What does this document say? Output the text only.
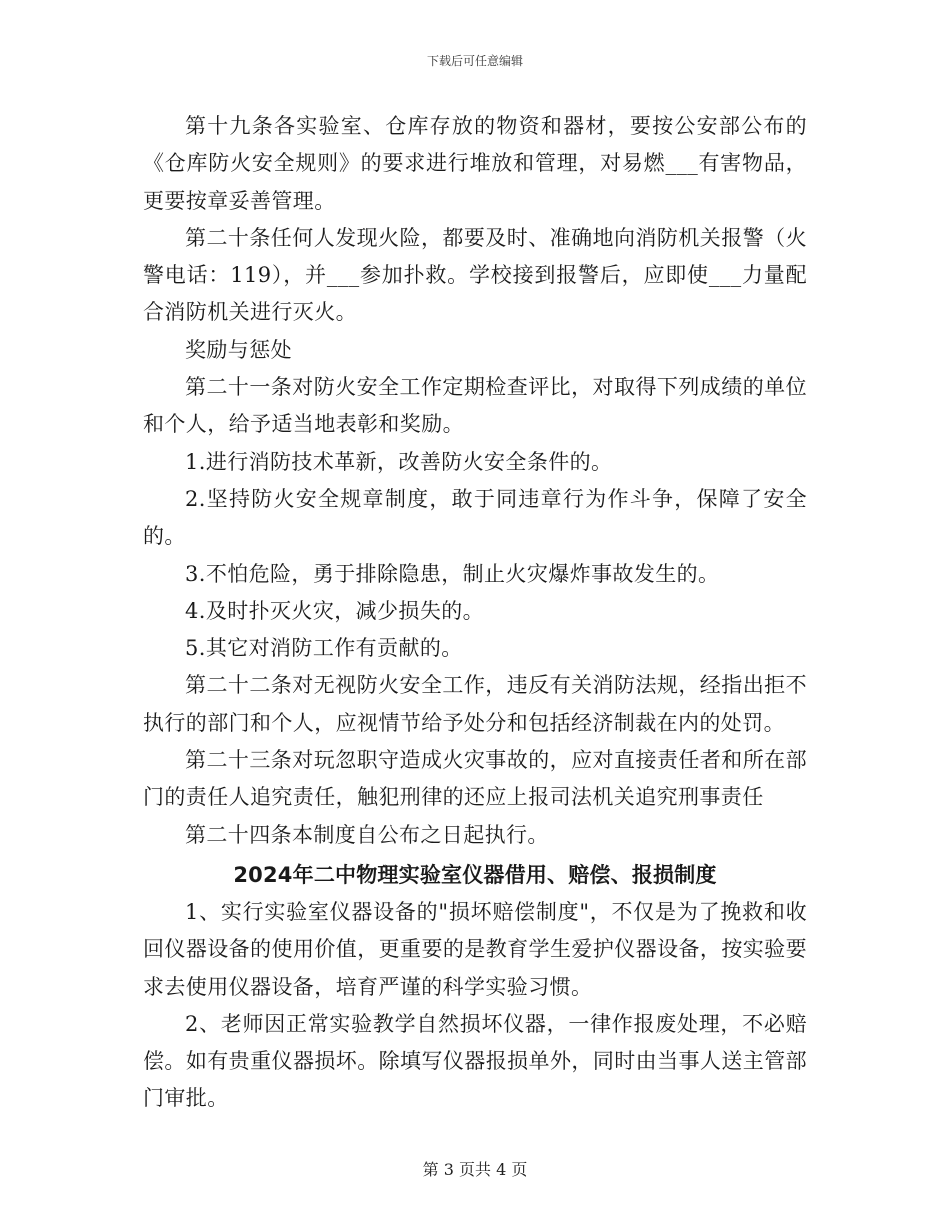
下载后可任意编辑

第十九条各实验室、仓库存放的物资和器材，要按公安部公布的《仓库防火安全规则》的要求进行堆放和管理，对易燃___有害物品，更要按章妥善管理。

第二十条任何人发现火险，都要及时、准确地向消防机关报警（火警电话：119），并___参加扑救。学校接到报警后，应即使___力量配合消防机关进行灭火。

奖励与惩处

第二十一条对防火安全工作定期检查评比，对取得下列成绩的单位和个人，给予适当地表彰和奖励。

1.进行消防技术革新，改善防火安全条件的。

2.坚持防火安全规章制度，敢于同违章行为作斗争，保障了安全的。

3.不怕危险，勇于排除隐患，制止火灾爆炸事故发生的。

4.及时扑灭火灾，减少损失的。

5.其它对消防工作有贡献的。

第二十二条对无视防火安全工作，违反有关消防法规，经指出拒不执行的部门和个人，应视情节给予处分和包括经济制裁在内的处罚。

第二十三条对玩忽职守造成火灾事故的，应对直接责任者和所在部门的责任人追究责任，触犯刑律的还应上报司法机关追究刑事责任

第二十四条本制度自公布之日起执行。

2024年二中物理实验室仪器借用、赔偿、报损制度

1、实行实验室仪器设备的"损坏赔偿制度"，不仅是为了挽救和收回仪器设备的使用价值，更重要的是教育学生爱护仪器设备，按实验要求去使用仪器设备，培育严谨的科学实验习惯。

2、老师因正常实验教学自然损坏仪器，一律作报废处理，不必赔偿。如有贵重仪器损坏。除填写仪器报损单外，同时由当事人送主管部门审批。

第 3 页共 4 页
